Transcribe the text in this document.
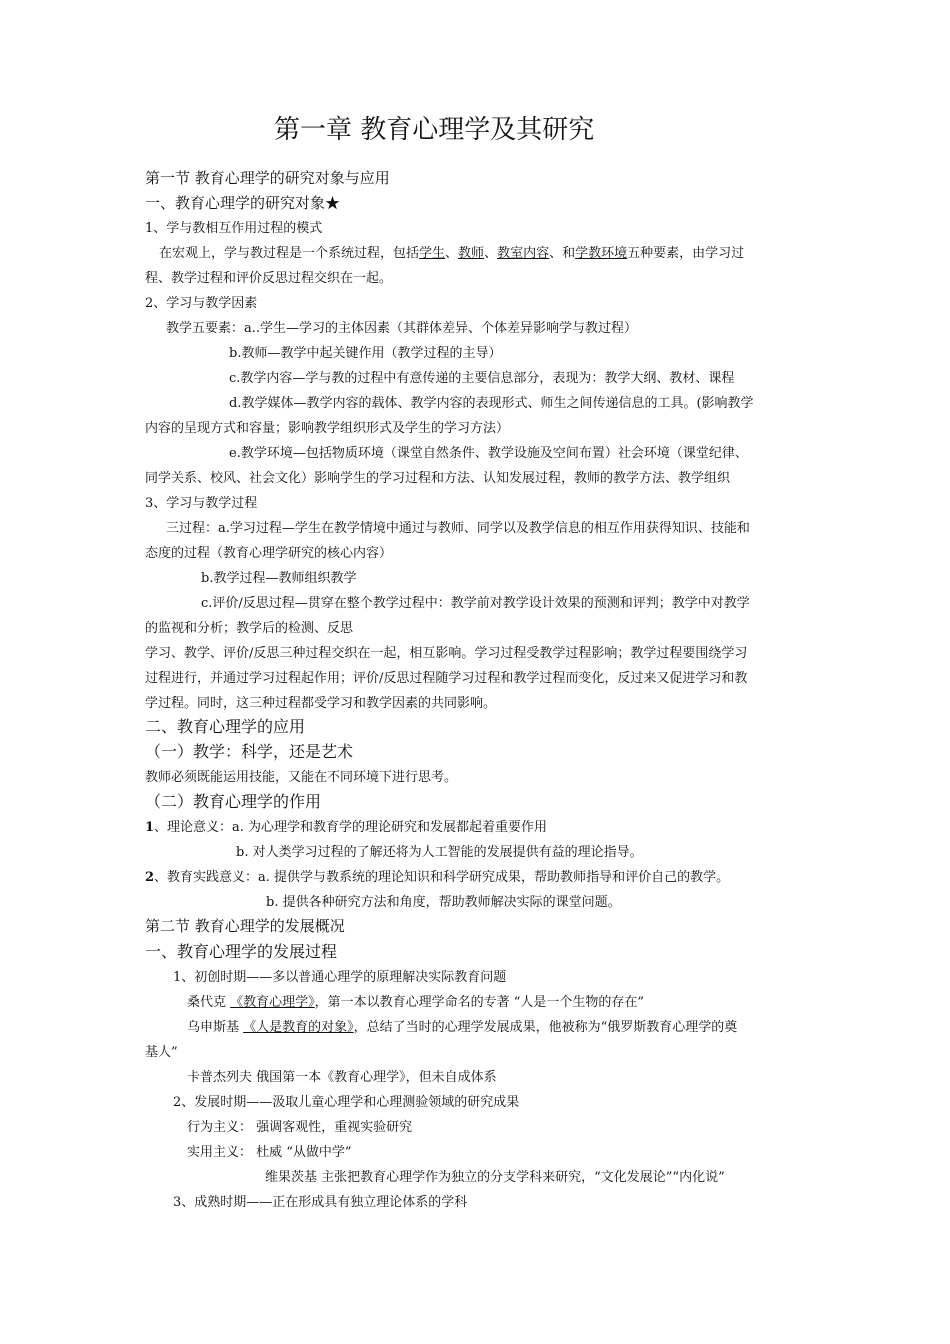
第一章 教育心理学及其研究
第一节 教育心理学的研究对象与应用
一、教育心理学的研究对象★
1、学与教相互作用过程的模式
在宏观上，学与教过程是一个系统过程，包括学生、教师、教室内容、和学教环境五种要素，由学习过
程、教学过程和评价反思过程交织在一起。
2、学习与教学因素
教学五要素：a..学生—学习的主体因素（其群体差异、个体差异影响学与教过程）
b.教师—教学中起关键作用（教学过程的主导）
c.教学内容—学与教的过程中有意传递的主要信息部分，表现为：教学大纲、教材、课程
d.教学媒体—教学内容的载体、教学内容的表现形式、师生之间传递信息的工具。(影响教学
内容的呈现方式和容量；影响教学组织形式及学生的学习方法）
e.教学环境—包括物质环境（课堂自然条件、教学设施及空间布置）社会环境（课堂纪律、
同学关系、校风、社会文化）影响学生的学习过程和方法、认知发展过程，教师的教学方法、教学组织
3、学习与教学过程
三过程：a.学习过程—学生在教学情境中通过与教师、同学以及教学信息的相互作用获得知识、技能和
态度的过程（教育心理学研究的核心内容）
b.教学过程—教师组织教学
c.评价/反思过程—贯穿在整个教学过程中：教学前对教学设计效果的预测和评判；教学中对教学
的监视和分析；教学后的检测、反思
学习、教学、评价/反思三种过程交织在一起，相互影响。学习过程受教学过程影响；教学过程要围绕学习
过程进行，并通过学习过程起作用；评价/反思过程随学习过程和教学过程而变化，反过来又促进学习和教
学过程。同时，这三种过程都受学习和教学因素的共同影响。
二、教育心理学的应用
（一）教学：科学，还是艺术
教师必须既能运用技能，又能在不同环境下进行思考。
（二）教育心理学的作用
1、理论意义：a. 为心理学和教育学的理论研究和发展都起着重要作用
b. 对人类学习过程的了解还将为人工智能的发展提供有益的理论指导。
2、教育实践意义：a. 提供学与教系统的理论知识和科学研究成果，帮助教师指导和评价自己的教学。
b. 提供各种研究方法和角度，帮助教师解决实际的课堂问题。
第二节 教育心理学的发展概况
一、教育心理学的发展过程
1、初创时期——多以普通心理学的原理解决实际教育问题
桑代克 《教育心理学》，第一本以教育心理学命名的专著 “人是一个生物的存在”
乌申斯基 《人是教育的对象》，总结了当时的心理学发展成果，他被称为“俄罗斯教育心理学的奠
基人”
卡普杰列夫 俄国第一本《教育心理学》，但未自成体系
2、发展时期——汲取儿童心理学和心理测验领域的研究成果
行为主义： 强调客观性，重视实验研究
实用主义： 杜威 “从做中学”
维果茨基 主张把教育心理学作为独立的分支学科来研究，“文化发展论”“内化说”
3、成熟时期——正在形成具有独立理论体系的学科
